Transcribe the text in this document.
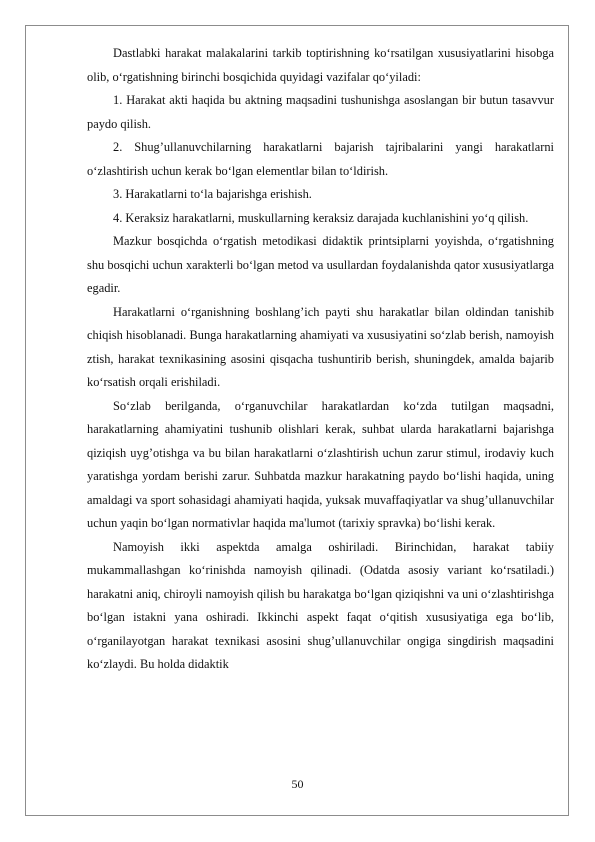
Dastlabki harakat malakalarini tarkib toptirishning ko‘rsatilgan xususiyatlarini hisobga olib, o‘rgatishning birinchi bosqichida quyidagi vazifalar qo‘yiladi:

1. Harakat akti haqida bu aktning maqsadini tushunishga asoslangan bir butun tasavvur paydo qilish.

2. Shug’ullanuvchilarning harakatlarni bajarish tajribalarini yangi harakatlarni o‘zlashtirish uchun kerak bo‘lgan elementlar bilan to‘ldirish.

3. Harakatlarni to‘la bajarishga erishish.

4. Keraksiz harakatlarni, muskullarning keraksiz darajada kuchlanishini yo‘q qilish.

Mazkur bosqichda o‘rgatish metodikasi didaktik printsiplarni yoyishda, o‘rgatishning shu bosqichi uchun xarakterli bo‘lgan metod va usullardan foydalanishda qator xususiyatlarga egadir.

Harakatlarni o‘rganishning boshlang’ich payti shu harakatlar bilan oldindan tanishib chiqish hisoblanadi. Bunga harakatlarning ahamiyati va xususiyatini so‘zlab berish, namoyish ztish, harakat texnikasining asosini qisqacha tushuntirib berish, shuningdek, amalda bajarib ko‘rsatish orqali erishiladi.

So‘zlab berilganda, o‘rganuvchilar harakatlardan ko‘zda tutilgan maqsadni, harakatlarning ahamiyatini tushunib olishlari kerak, suhbat ularda harakatlarni bajarishga qiziqish uyg’otishga va bu bilan harakatlarni o‘zlashtirish uchun zarur stimul, irodaviy kuch yaratishga yordam berishi zarur. Suhbatda mazkur harakatning paydo bo‘lishi haqida, uning amaldagi va sport sohasidagi ahamiyati haqida, yuksak muvaffaqiyatlar va shug’ullanuvchilar uchun yaqin bo‘lgan normativlar haqida ma'lumot (tarixiy spravka) bo‘lishi kerak.

Namoyish ikki aspektda amalga oshiriladi. Birinchidan, harakat tabiiy mukammallashgan ko‘rinishda namoyish qilinadi. (Odatda asosiy variant ko‘rsatiladi.) harakatni aniq, chiroyli namoyish qilish bu harakatga bo‘lgan qiziqishni va uni o‘zlashtirishga bo‘lgan istakni yana oshiradi. Ikkinchi aspekt faqat o‘qitish xususiyatiga ega bo‘lib, o‘rganilayotgan harakat texnikasi asosini shug’ullanuvchilar ongiga singdirish maqsadini ko‘zlaydi. Bu holda didaktik

50
